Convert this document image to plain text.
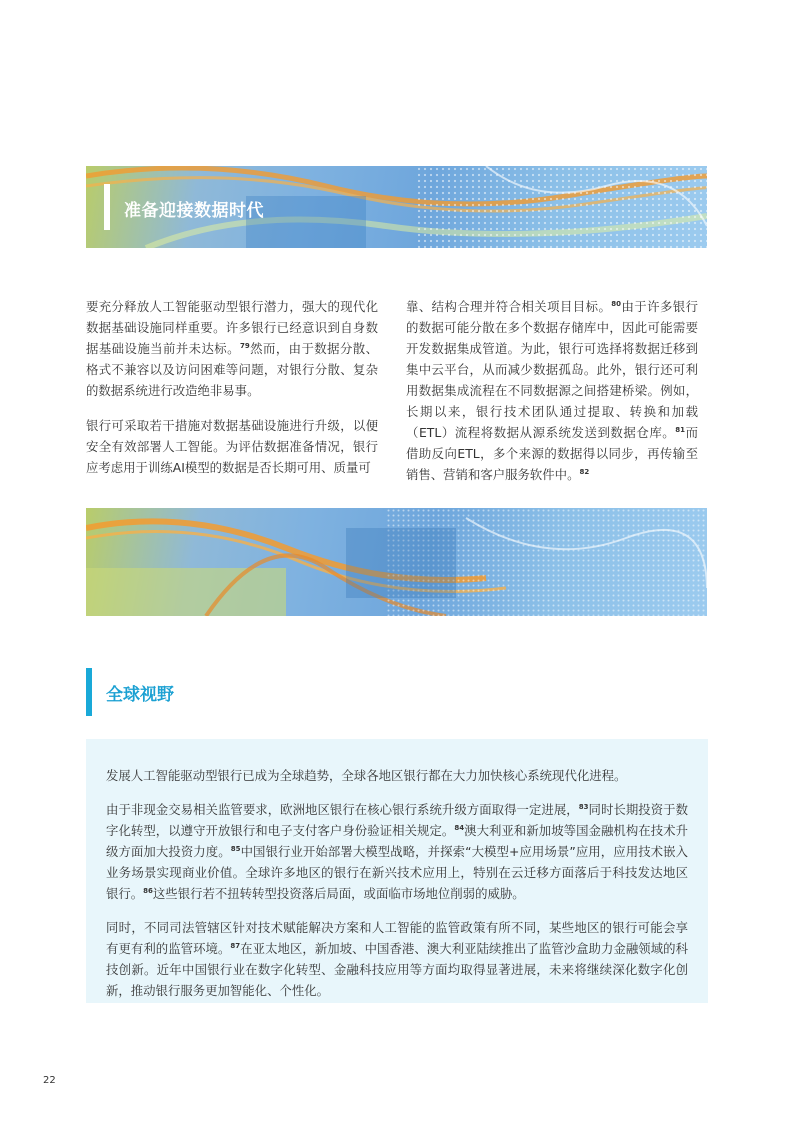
准备迎接数据时代

要充分释放人工智能驱动型银行潜力，强大的现代化数据基础设施同样重要。许多银行已经意识到自身数据基础设施当前并未达标。$^{79}$然而，由于数据分散、格式不兼容以及访问困难等问题，对银行分散、复杂的数据系统进行改造绝非易事。

银行可采取若干措施对数据基础设施进行升级，以便安全有效部署人工智能。为评估数据准备情况，银行应考虑用于训练AI模型的数据是否长期可用、质量可

靠、结构合理并符合相关项目目标。$^{80}$由于许多银行的数据可能分散在多个数据存储库中，因此可能需要开发数据集成管道。为此，银行可选择将数据迁移到集中云平台，从而减少数据孤岛。此外，银行还可利用数据集成流程在不同数据源之间搭建桥梁。例如，长期以来，银行技术团队通过提取、转换和加载（ETL）流程将数据从源系统发送到数据仓库。$^{81}$而借助反向ETL，多个来源的数据得以同步，再传输至销售、营销和客户服务软件中。$^{82}$

全球视野

发展人工智能驱动型银行已成为全球趋势，全球各地区银行都在大力加快核心系统现代化进程。

由于非现金交易相关监管要求，欧洲地区银行在核心银行系统升级方面取得一定进展，$^{83}$同时长期投资于数字化转型，以遵守开放银行和电子支付客户身份验证相关规定。$^{84}$澳大利亚和新加坡等国金融机构在技术升级方面加大投资力度。$^{85}$中国银行业开始部署大模型战略，并探索“大模型+应用场景”应用，应用技术嵌入业务场景实现商业价值。全球许多地区的银行在新兴技术应用上，特别在云迁移方面落后于科技发达地区银行。$^{86}$这些银行若不扭转转型投资落后局面，或面临市场地位削弱的威胁。

同时，不同司法管辖区针对技术赋能解决方案和人工智能的监管政策有所不同，某些地区的银行可能会享有更有利的监管环境。$^{87}$在亚太地区，新加坡、中国香港、澳大利亚陆续推出了监管沙盒助力金融领域的科技创新。近年中国银行业在数字化转型、金融科技应用等方面均取得显著进展，未来将继续深化数字化创新，推动银行服务更加智能化、个性化。

22
